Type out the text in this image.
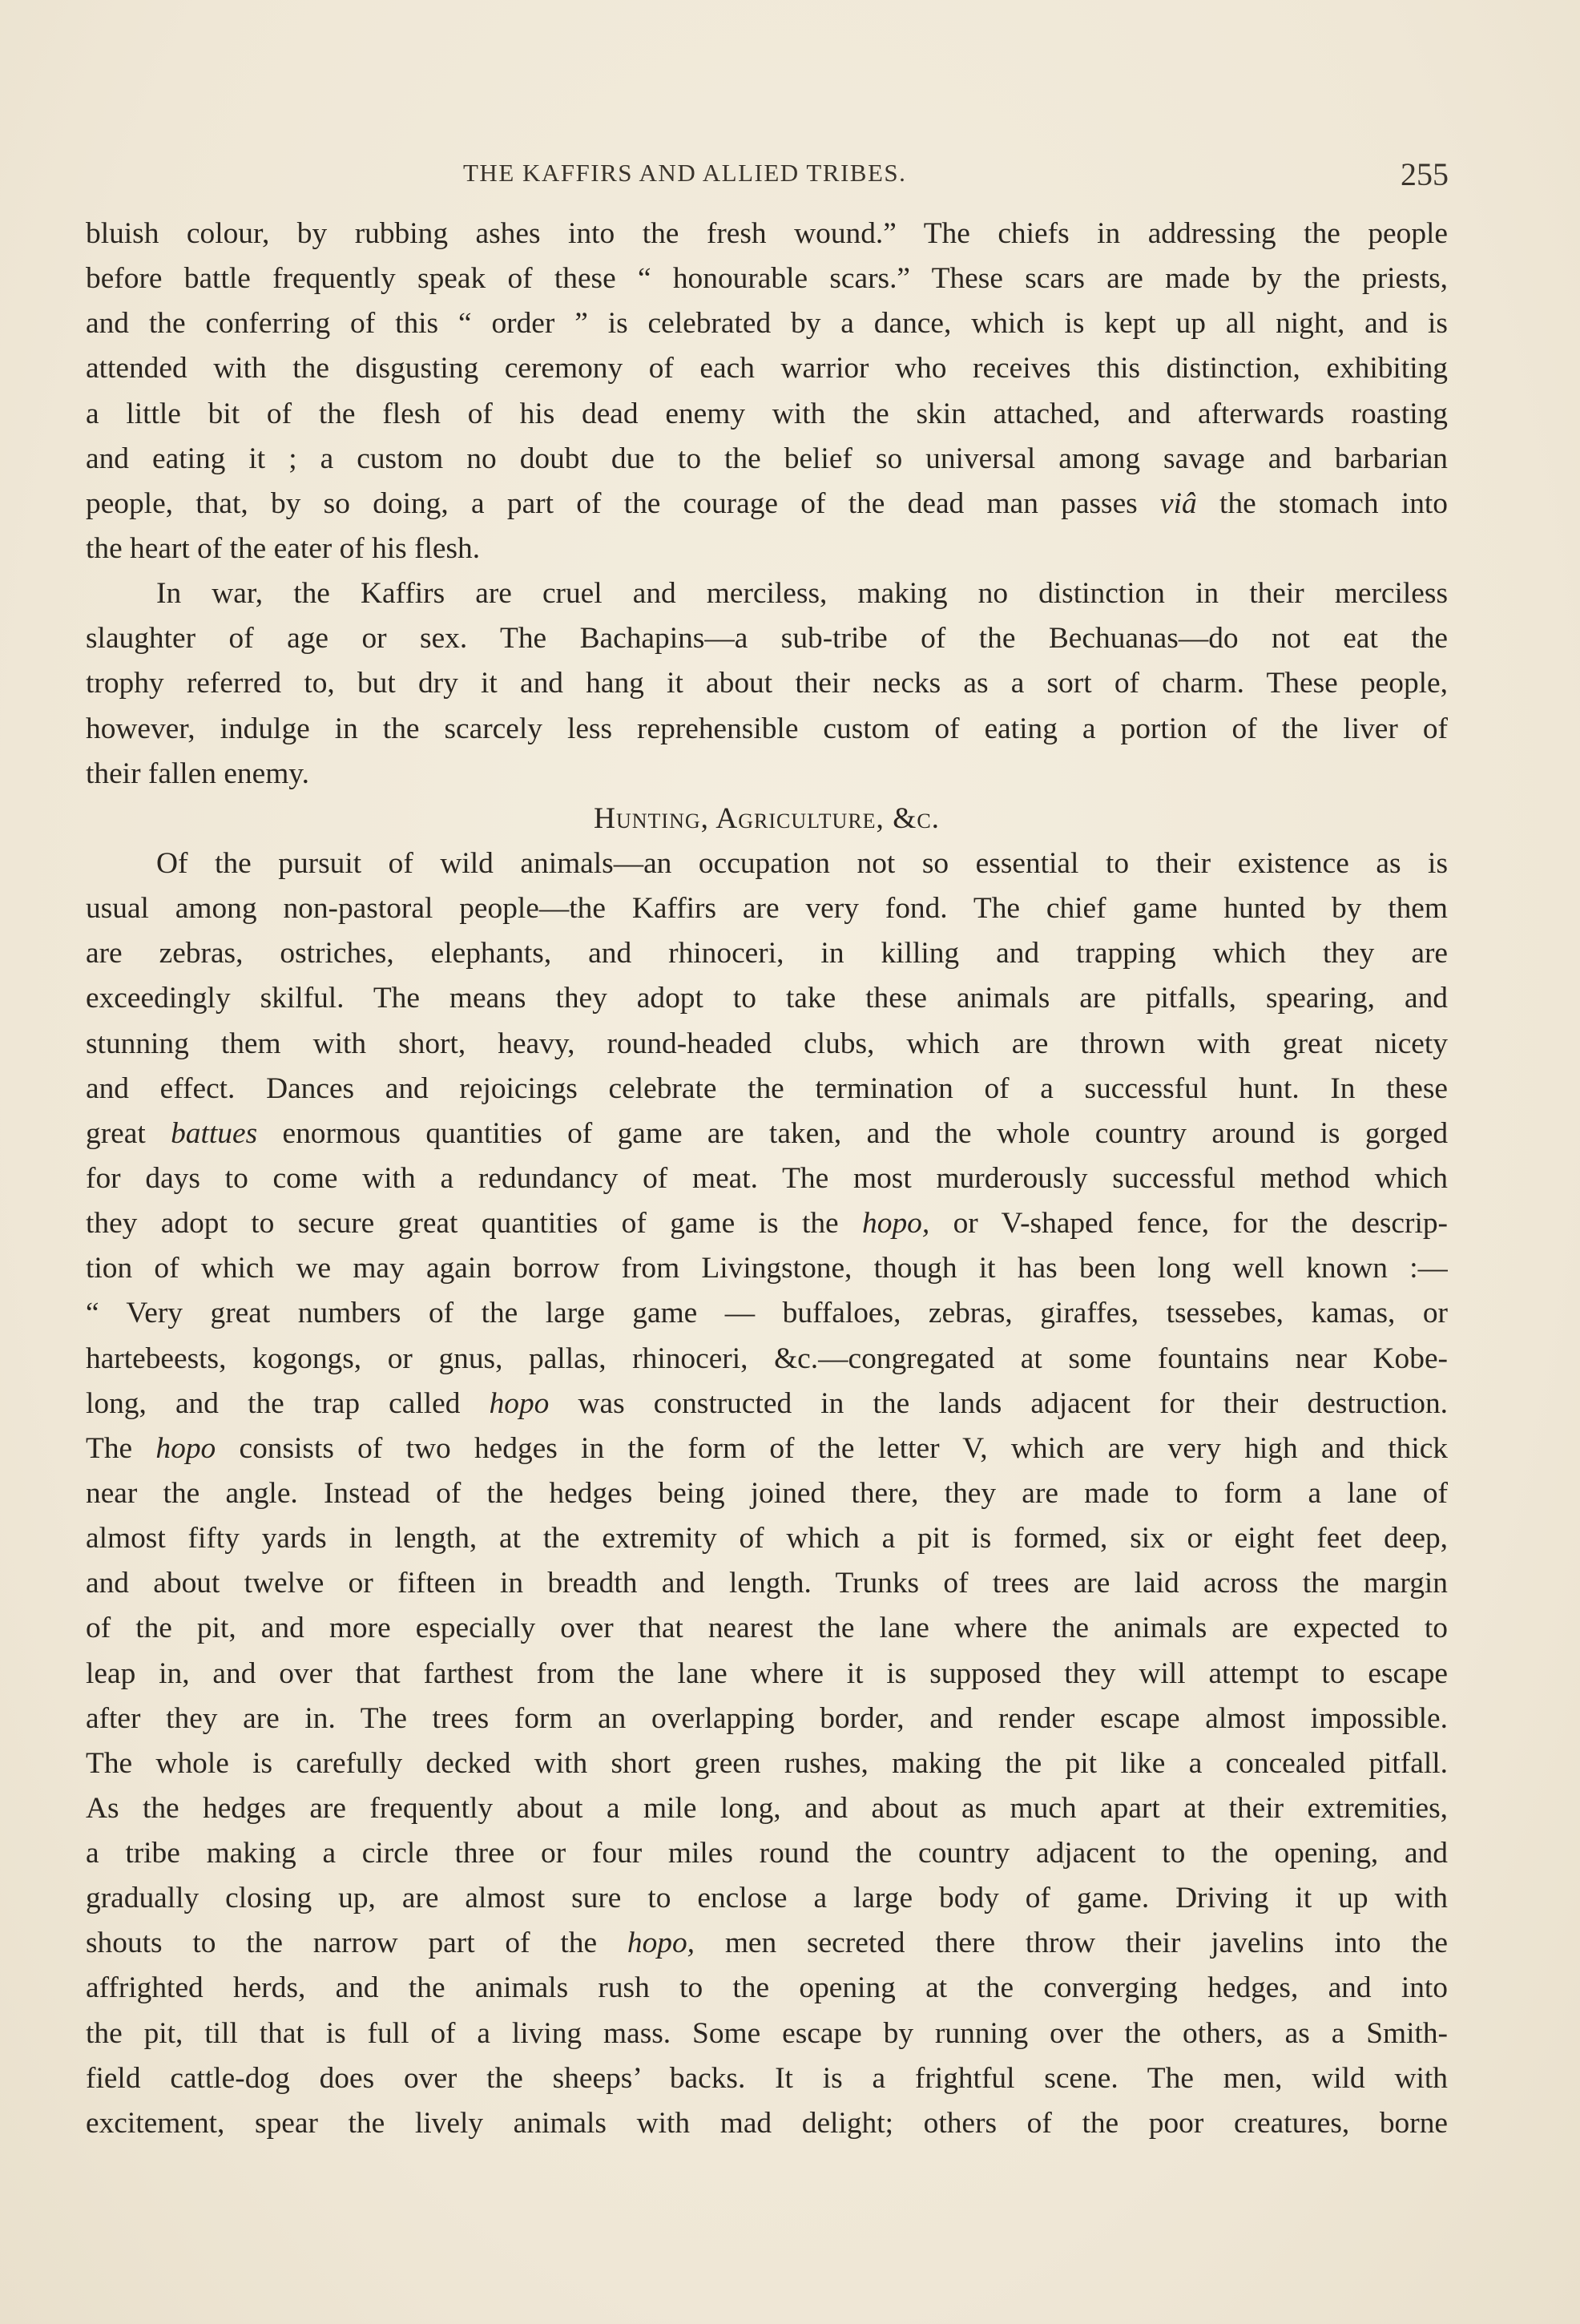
THE KAFFIRS AND ALLIED TRIBES.	255
bluish colour, by rubbing ashes into the fresh wound.” The chiefs in addressing the people
before battle frequently speak of these “ honourable scars.” These scars are made by the priests,
and the conferring of this “ order ” is celebrated by a dance, which is kept up all night, and is
attended with the disgusting ceremony of each warrior who receives this distinction, exhibiting
a little bit of the flesh of his dead enemy with the skin attached, and afterwards roasting
and eating it ; a custom no doubt due to the belief so universal among savage and barbarian
people, that, by so doing, a part of the courage of the dead man passes viâ the stomach into
the heart of the eater of his flesh.
In war, the Kaffirs are cruel and merciless, making no distinction in their merciless
slaughter of age or sex. The Bachapins—a sub-tribe of the Bechuanas—do not eat the
trophy referred to, but dry it and hang it about their necks as a sort of charm. These people,
however, indulge in the scarcely less reprehensible custom of eating a portion of the liver of
their fallen enemy.
Hunting, Agriculture, &c.
Of the pursuit of wild animals—an occupation not so essential to their existence as is
usual among non-pastoral people—the Kaffirs are very fond. The chief game hunted by them
are zebras, ostriches, elephants, and rhinoceri, in killing and trapping which they are
exceedingly skilful. The means they adopt to take these animals are pitfalls, spearing, and
stunning them with short, heavy, round-headed clubs, which are thrown with great nicety
and effect. Dances and rejoicings celebrate the termination of a successful hunt. In these
great battues enormous quantities of game are taken, and the whole country around is gorged
for days to come with a redundancy of meat. The most murderously successful method which
they adopt to secure great quantities of game is the hopo, or V-shaped fence, for the descrip-
tion of which we may again borrow from Livingstone, though it has been long well known :—
“ Very great numbers of the large game — buffaloes, zebras, giraffes, tsessebes, kamas, or
hartebeests, kogongs, or gnus, pallas, rhinoceri, &c.—congregated at some fountains near Kobe-
long, and the trap called hopo was constructed in the lands adjacent for their destruction.
The hopo consists of two hedges in the form of the letter V, which are very high and thick
near the angle. Instead of the hedges being joined there, they are made to form a lane of
almost fifty yards in length, at the extremity of which a pit is formed, six or eight feet deep,
and about twelve or fifteen in breadth and length. Trunks of trees are laid across the margin
of the pit, and more especially over that nearest the lane where the animals are expected to
leap in, and over that farthest from the lane where it is supposed they will attempt to escape
after they are in. The trees form an overlapping border, and render escape almost impossible.
The whole is carefully decked with short green rushes, making the pit like a concealed pitfall.
As the hedges are frequently about a mile long, and about as much apart at their extremities,
a tribe making a circle three or four miles round the country adjacent to the opening, and
gradually closing up, are almost sure to enclose a large body of game. Driving it up with
shouts to the narrow part of the hopo, men secreted there throw their javelins into the
affrighted herds, and the animals rush to the opening at the converging hedges, and into
the pit, till that is full of a living mass. Some escape by running over the others, as a Smith-
field cattle-dog does over the sheeps’ backs. It is a frightful scene. The men, wild with
excitement, spear the lively animals with mad delight; others of the poor creatures, borne
